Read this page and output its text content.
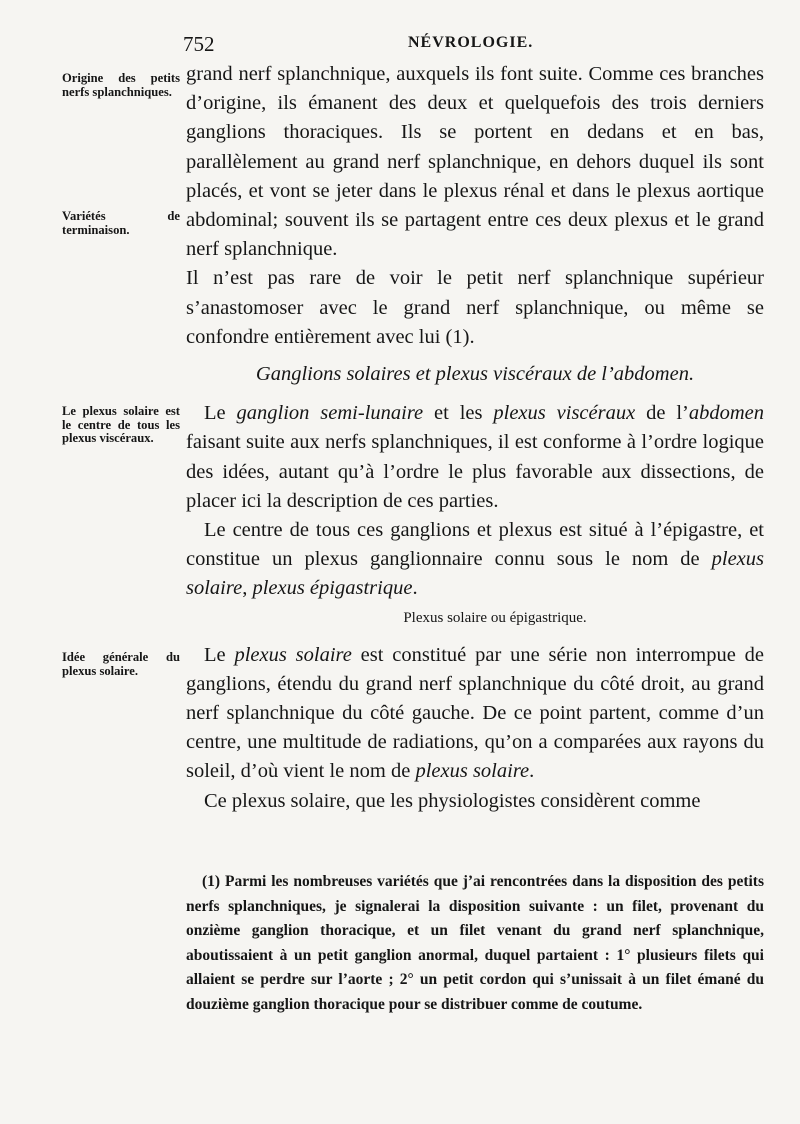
752	NÉVROLOGIE.
Origine des petits nerfs splanchniques.
Variétés de terminaison.
Le plexus solaire est le centre de tous les plexus viscéraux.
Idée générale du plexus solaire.

grand nerf splanchnique, auxquels ils font suite. Comme ces branches d’origine, ils émanent des deux et quelquefois des trois derniers ganglions thoraciques. Ils se portent en dedans et en bas, parallèlement au grand nerf splanchnique, en dehors duquel ils sont placés, et vont se jeter dans le plexus rénal et dans le plexus aortique abdominal; souvent ils se partagent entre ces deux plexus et le grand nerf splanchnique.

Il n’est pas rare de voir le petit nerf splanchnique supérieur s’anastomoser avec le grand nerf splanchnique, ou même se confondre entièrement avec lui (1).

Ganglions solaires et plexus viscéraux de l’abdomen.

Le ganglion semi-lunaire et les plexus viscéraux de l’abdomen faisant suite aux nerfs splanchniques, il est conforme à l’ordre logique des idées, autant qu’à l’ordre le plus favorable aux dissections, de placer ici la description de ces parties.

Le centre de tous ces ganglions et plexus est situé à l’épigastre, et constitue un plexus ganglionnaire connu sous le nom de plexus solaire, plexus épigastrique.

Plexus solaire ou épigastrique.

Le plexus solaire est constitué par une série non interrompue de ganglions, étendu du grand nerf splanchnique du côté droit, au grand nerf splanchnique du côté gauche. De ce point partent, comme d’un centre, une multitude de radiations, qu’on a comparées aux rayons du soleil, d’où vient le nom de plexus solaire.

Ce plexus solaire, que les physiologistes considèrent comme

(1) Parmi les nombreuses variétés que j’ai rencontrées dans la disposition des petits nerfs splanchniques, je signalerai la disposition suivante : un filet, provenant du onzième ganglion thoracique, et un filet venant du grand nerf splanchnique, aboutissaient à un petit ganglion anormal, duquel partaient : 1° plusieurs filets qui allaient se perdre sur l’aorte ; 2° un petit cordon qui s’unissait à un filet émané du douzième ganglion thoracique pour se distribuer comme de coutume.
